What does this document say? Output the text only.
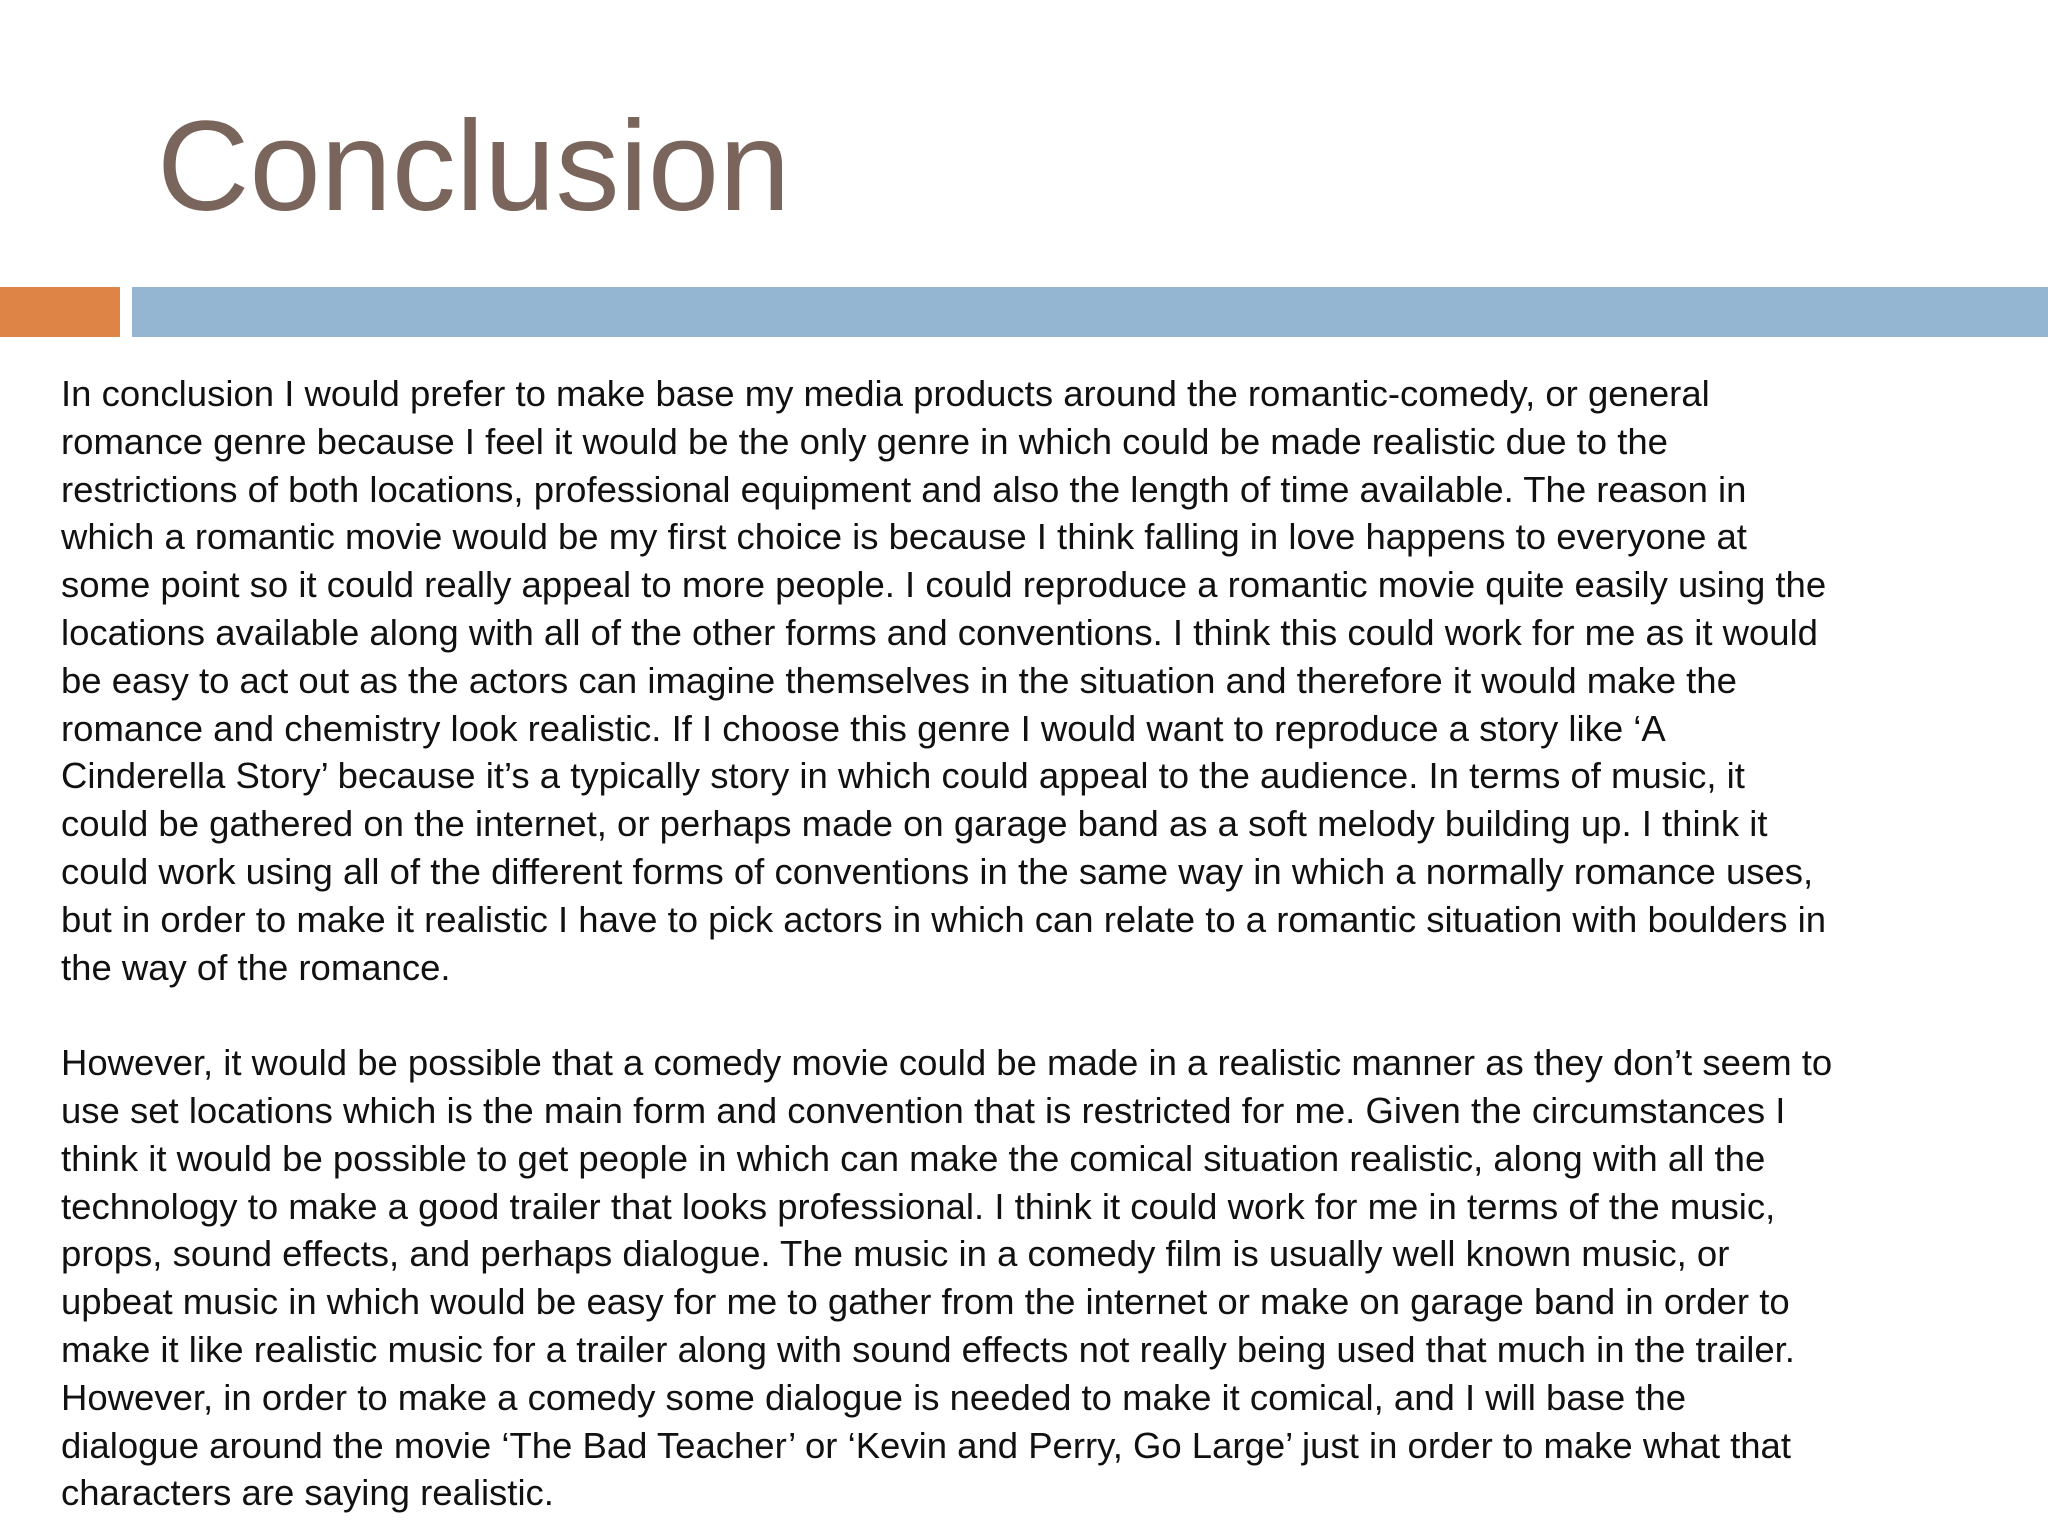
Conclusion

In conclusion I would prefer to make base my media products around the romantic-comedy, or general
romance genre because I feel it would be the only genre in which could be made realistic due to the
restrictions of both locations, professional equipment and also the length of time available. The reason in
which a romantic movie would be my first choice is because I think falling in love happens to everyone at
some point so it could really appeal to more people. I could reproduce a romantic movie quite easily using the
locations available along with all of the other forms and conventions. I think this could work for me as it would
be easy to act out as the actors can imagine themselves in the situation and therefore it would make the
romance and chemistry look realistic. If I choose this genre I would want to reproduce a story like ‘A
Cinderella Story’ because it’s a typically story in which could appeal to the audience. In terms of music, it
could be gathered on the internet, or perhaps made on garage band as a soft melody building up. I think it
could work using all of the different forms of conventions in the same way in which a normally romance uses,
but in order to make it realistic I have to pick actors in which can relate to a romantic situation with boulders in
the way of the romance.

However, it would be possible that a comedy movie could be made in a realistic manner as they don’t seem to
use set locations which is the main form and convention that is restricted for me. Given the circumstances I
think it would be possible to get people in which can make the comical situation realistic, along with all the
technology to make a good trailer that looks professional. I think it could work for me in terms of the music,
props, sound effects, and perhaps dialogue. The music in a comedy film is usually well known music, or
upbeat music in which would be easy for me to gather from the internet or make on garage band in order to
make it like realistic music for a trailer along with sound effects not really being used that much in the trailer.
However, in order to make a comedy some dialogue is needed to make it comical, and I will base the
dialogue around the movie ‘The Bad Teacher’ or ‘Kevin and Perry, Go Large’ just in order to make what that
characters are saying realistic.
